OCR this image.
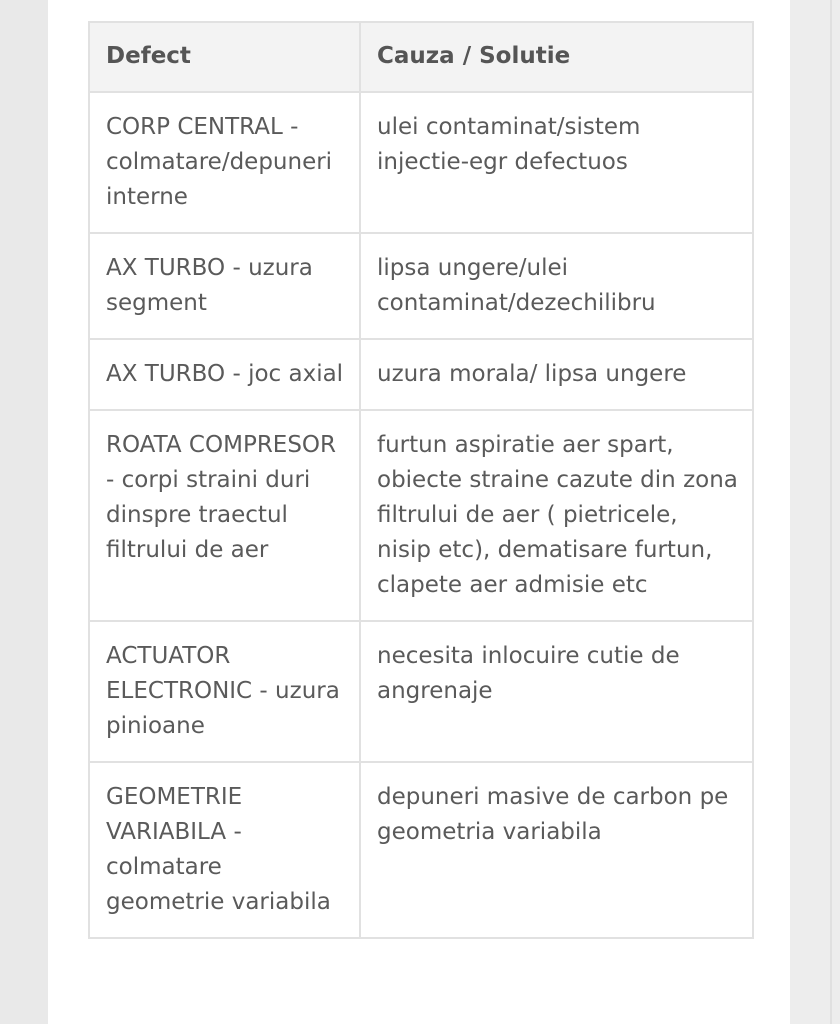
Defect	Cauza / Solutie
CORP CENTRAL - colmatare/depuneri interne	ulei contaminat/sistem injectie-egr defectuos
AX TURBO - uzura segment	lipsa ungere/ulei contaminat/dezechilibru
AX TURBO - joc axial	uzura morala/ lipsa ungere
ROATA COMPRESOR - corpi straini duri dinspre traectul filtrului de aer	furtun aspiratie aer spart, obiecte straine cazute din zona filtrului de aer ( pietricele, nisip etc), dematisare furtun, clapete aer admisie etc
ACTUATOR ELECTRONIC - uzura pinioane	necesita inlocuire cutie de angrenaje
GEOMETRIE VARIABILA - colmatare geometrie variabila	depuneri masive de carbon pe geometria variabila
